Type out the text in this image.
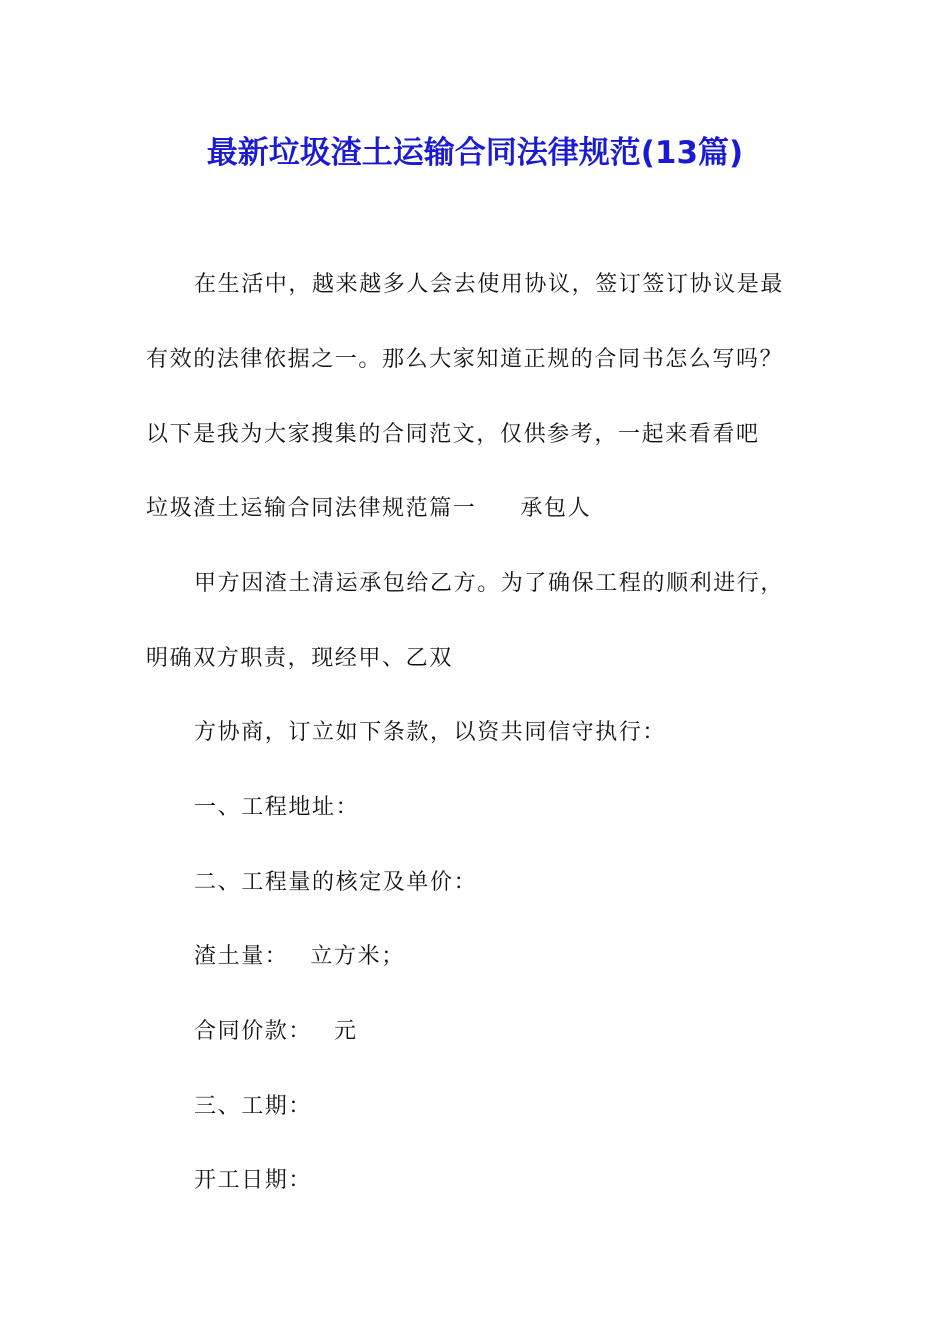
最新垃圾渣土运输合同法律规范(13篇)
在生活中，越来越多人会去使用协议，签订签订协议是最
有效的法律依据之一。那么大家知道正规的合同书怎么写吗？
以下是我为大家搜集的合同范文，仅供参考，一起来看看吧
垃圾渣土运输合同法律规范篇一 承包人
甲方因渣土清运承包给乙方。为了确保工程的顺利进行，
明确双方职责，现经甲、乙双
方协商，订立如下条款，以资共同信守执行：
一、工程地址：
二、工程量的核定及单价：
渣土量： 立方米；
合同价款： 元
三、工期：
开工日期：
